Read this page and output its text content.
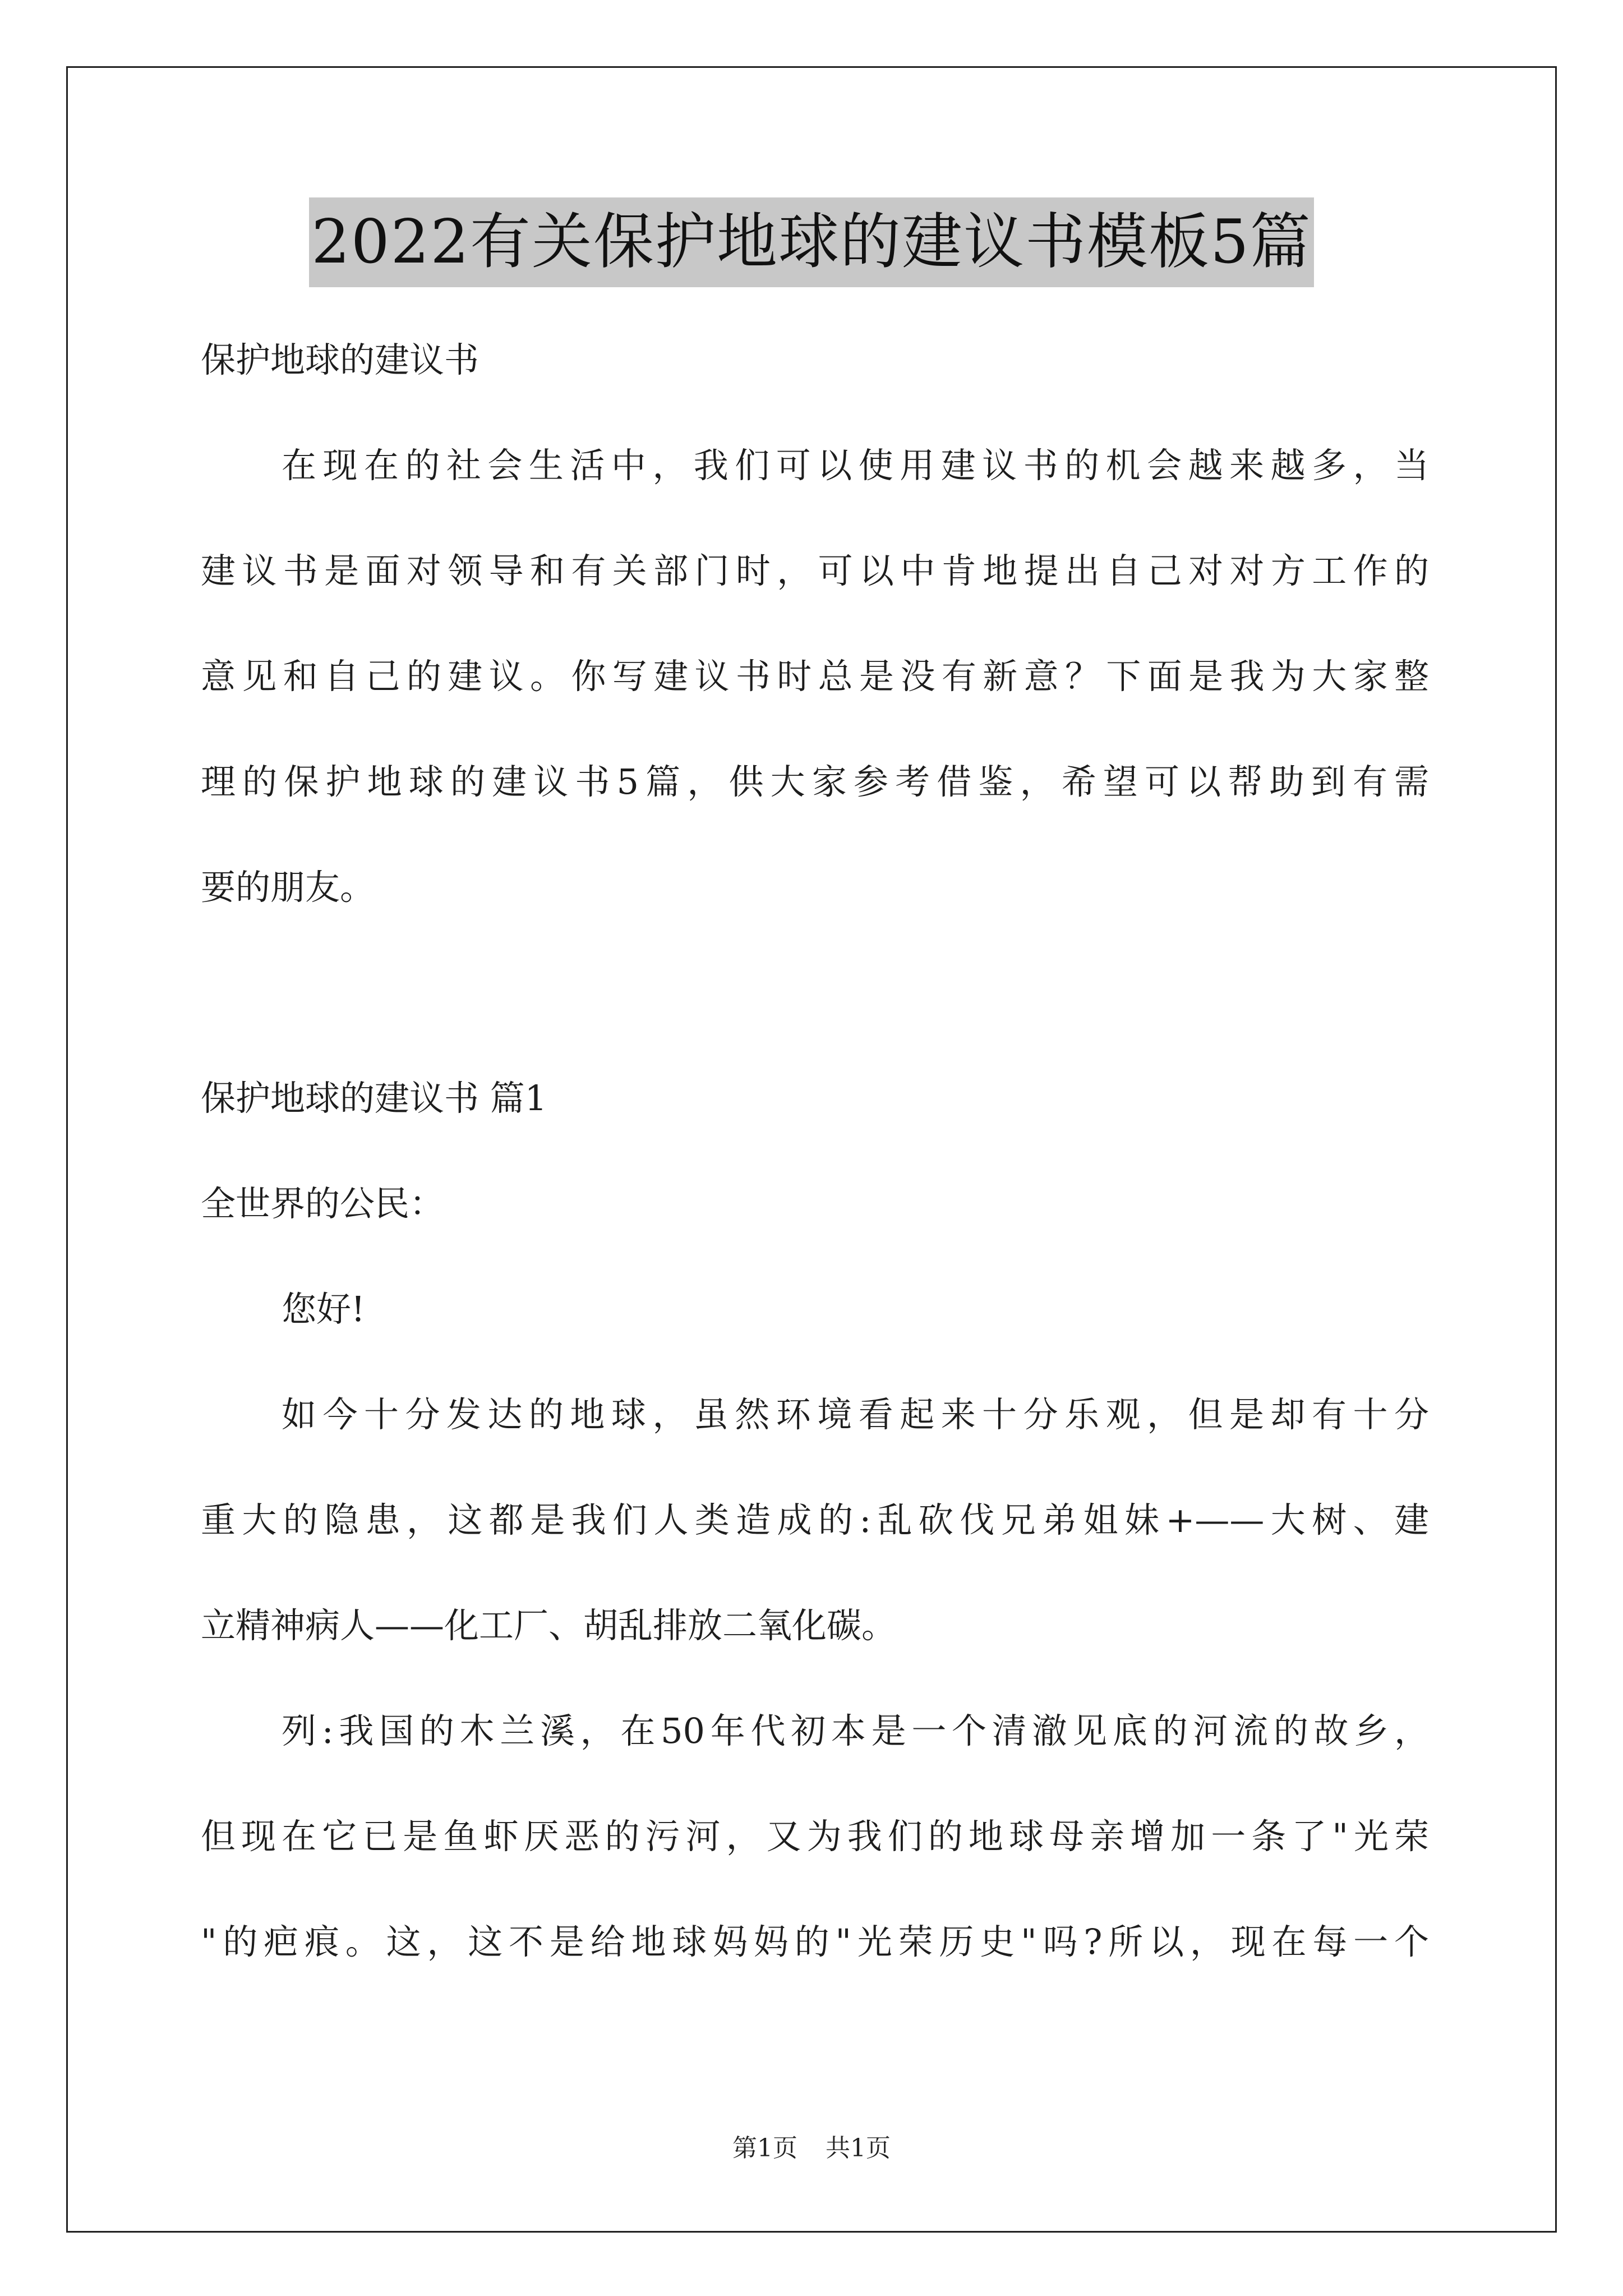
2022有关保护地球的建议书模板5篇
保护地球的建议书
在现在的社会生活中，我们可以使用建议书的机会越来越多，当
建议书是面对领导和有关部门时，可以中肯地提出自己对对方工作的
意见和自己的建议。你写建议书时总是没有新意？下面是我为大家整
理的保护地球的建议书5篇，供大家参考借鉴，希望可以帮助到有需
要的朋友。
保护地球的建议书 篇1
全世界的公民：
您好!
如今十分发达的地球，虽然环境看起来十分乐观，但是却有十分
重大的隐患，这都是我们人类造成的:乱砍伐兄弟姐妹+——大树、建
立精神病人——化工厂、胡乱排放二氧化碳。
列:我国的木兰溪，在50年代初本是一个清澈见底的河流的故乡，
但现在它已是鱼虾厌恶的污河，又为我们的地球母亲增加一条了"光荣
"的疤痕。这，这不是给地球妈妈的"光荣历史"吗?所以，现在每一个
第1页 共1页
